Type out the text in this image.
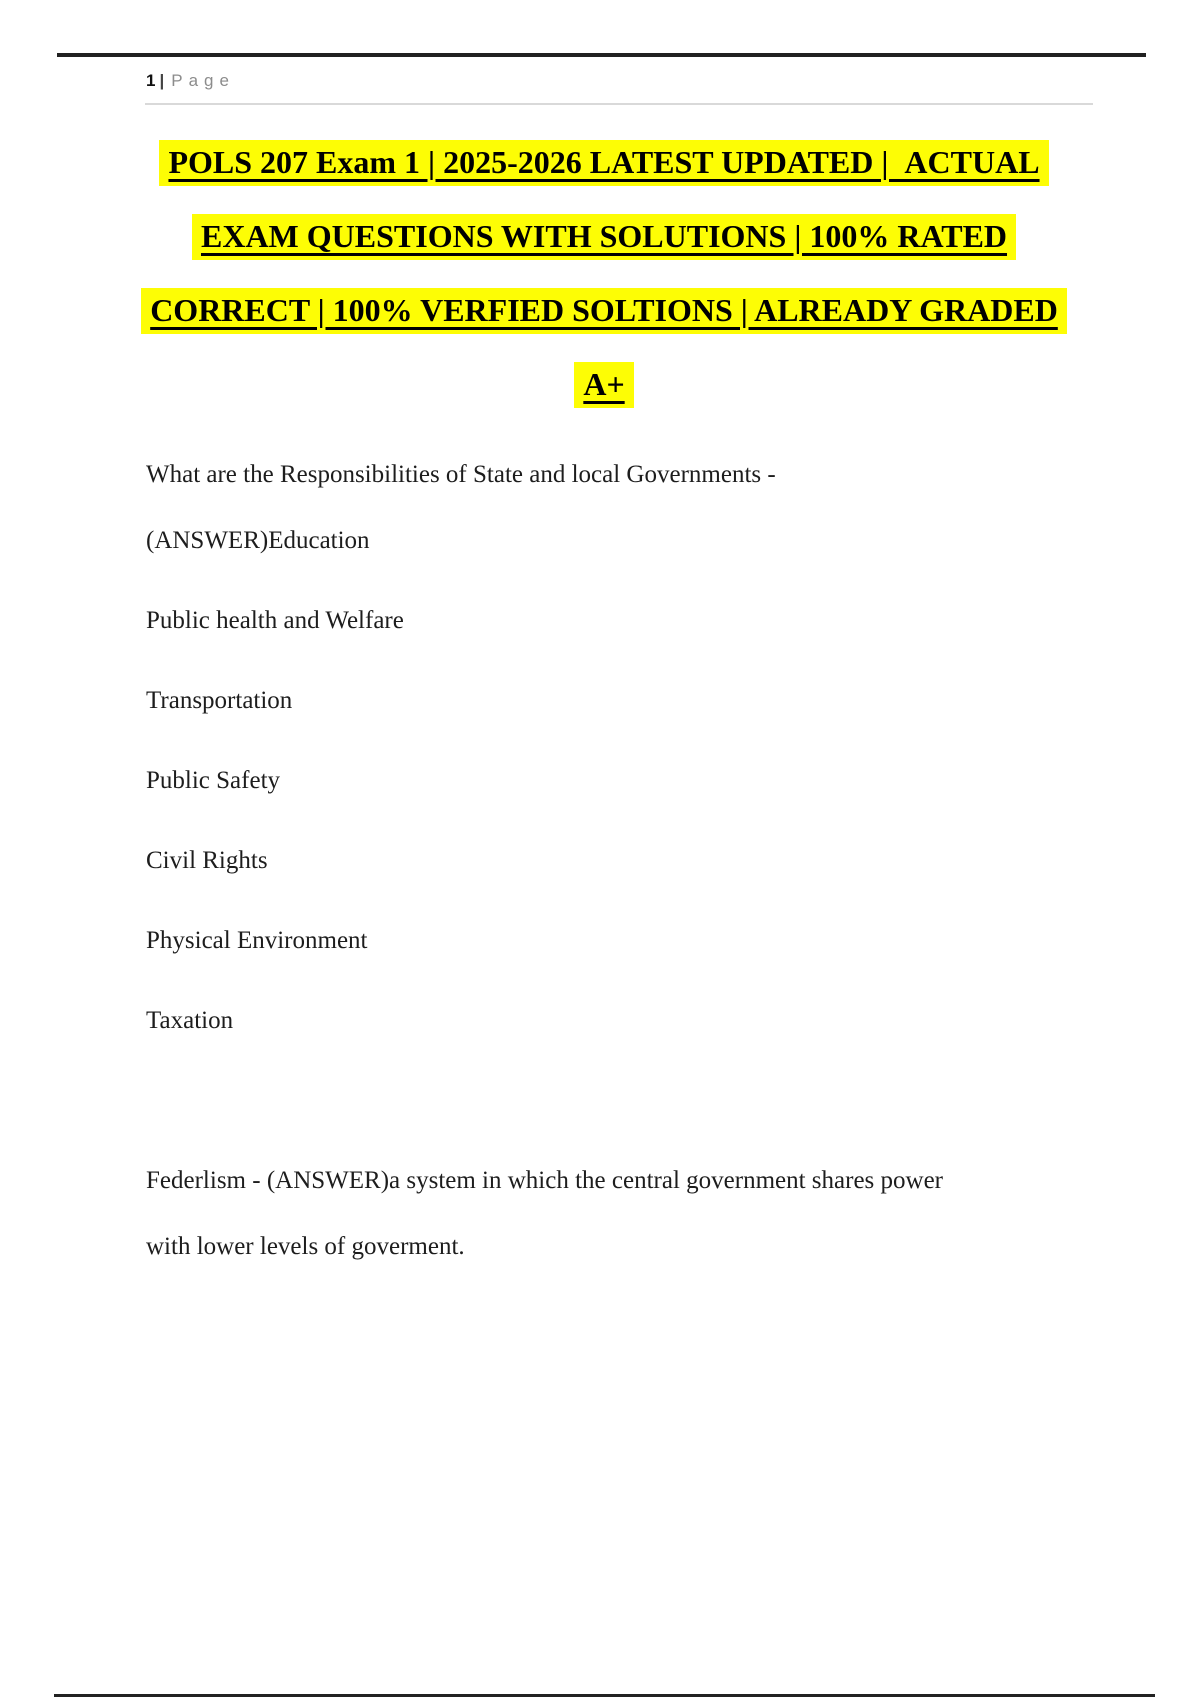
1 | Page
POLS 207 Exam 1 | 2025-2026 LATEST UPDATED |  ACTUAL
EXAM QUESTIONS WITH SOLUTIONS | 100% RATED
CORRECT | 100% VERFIED SOLTIONS | ALREADY GRADED
A+
What are the Responsibilities of State and local Governments -
(ANSWER)Education
Public health and Welfare
Transportation
Public Safety
Civil Rights
Physical Environment
Taxation
Federlism - (ANSWER)a system in which the central government shares power
with lower levels of goverment.
